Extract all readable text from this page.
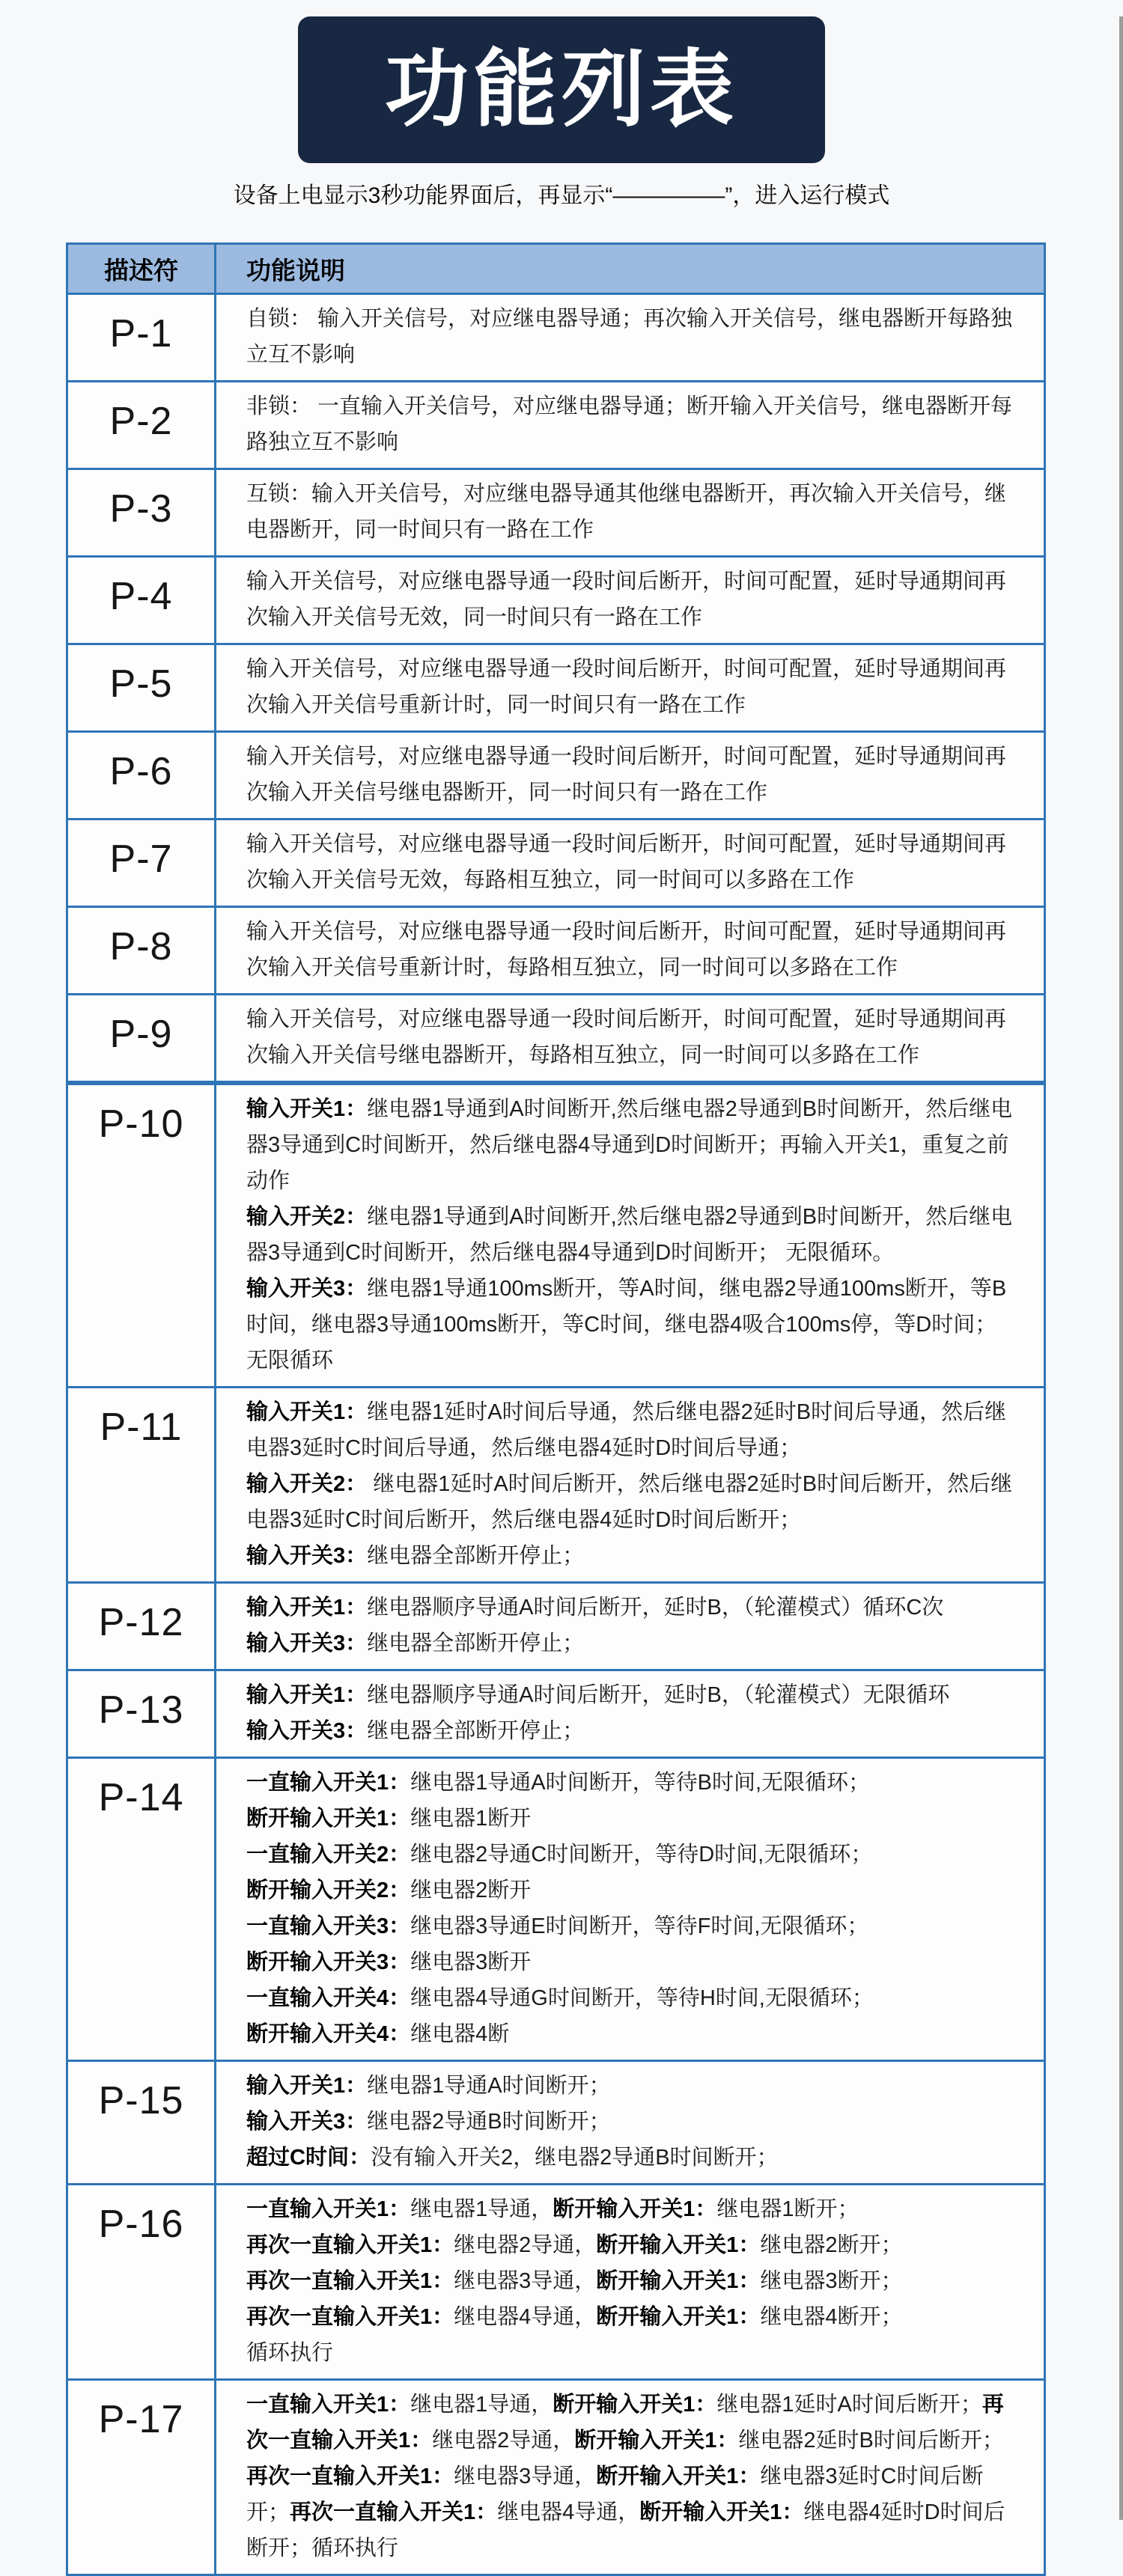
功能列表
设备上电显示3秒功能界面后，再显示“—————”，进入运行模式
描述符	功能说明
P-1	自锁： 输入开关信号，对应继电器导通；再次输入开关信号，继电器断开每路独立互不影响

P-2	非锁： 一直输入开关信号，对应继电器导通；断开输入开关信号，继电器断开每路独立互不影响

P-3	互锁：输入开关信号，对应继电器导通其他继电器断开，再次输入开关信号，继电器断开，同一时间只有一路在工作

P-4	输入开关信号，对应继电器导通一段时间后断开，时间可配置，延时导通期间再次输入开关信号无效，同一时间只有一路在工作

P-5	输入开关信号，对应继电器导通一段时间后断开，时间可配置，延时导通期间再次输入开关信号重新计时，同一时间只有一路在工作

P-6	输入开关信号，对应继电器导通一段时间后断开，时间可配置，延时导通期间再次输入开关信号继电器断开，同一时间只有一路在工作

P-7	输入开关信号，对应继电器导通一段时间后断开，时间可配置，延时导通期间再次输入开关信号无效，每路相互独立，同一时间可以多路在工作

P-8	输入开关信号，对应继电器导通一段时间后断开，时间可配置，延时导通期间再次输入开关信号重新计时，每路相互独立，同一时间可以多路在工作

P-9	输入开关信号，对应继电器导通一段时间后断开，时间可配置，延时导通期间再次输入开关信号继电器断开，每路相互独立，同一时间可以多路在工作

P-10	输入开关1：继电器1导通到A时间断开,然后继电器2导通到B时间断开，然后继电器3导通到C时间断开，然后继电器4导通到D时间断开；再输入开关1，重复之前动作

输入开关2：继电器1导通到A时间断开,然后继电器2导通到B时间断开，然后继电器3导通到C时间断开，然后继电器4导通到D时间断开； 无限循环。

输入开关3：继电器1导通100ms断开，等A时间，继电器2导通100ms断开，等B时间，继电器3导通100ms断开，等C时间，继电器4吸合100ms停，等D时间；无限循环

P-11	输入开关1：继电器1延时A时间后导通，然后继电器2延时B时间后导通，然后继电器3延时C时间后导通，然后继电器4延时D时间后导通；

输入开关2： 继电器1延时A时间后断开，然后继电器2延时B时间后断开，然后继电器3延时C时间后断开，然后继电器4延时D时间后断开；

输入开关3：继电器全部断开停止；

P-12	输入开关1：继电器顺序导通A时间后断开，延时B，（轮灌模式）循环C次

输入开关3：继电器全部断开停止；

P-13	输入开关1：继电器顺序导通A时间后断开，延时B，（轮灌模式）无限循环

输入开关3：继电器全部断开停止；

P-14	一直输入开关1：继电器1导通A时间断开，等待B时间,无限循环；

断开输入开关1：继电器1断开

一直输入开关2：继电器2导通C时间断开，等待D时间,无限循环；

断开输入开关2：继电器2断开

一直输入开关3：继电器3导通E时间断开，等待F时间,无限循环；

断开输入开关3：继电器3断开

一直输入开关4：继电器4导通G时间断开，等待H时间,无限循环；

断开输入开关4：继电器4断

P-15	输入开关1：继电器1导通A时间断开；

输入开关3：继电器2导通B时间断开；

超过C时间：没有输入开关2，继电器2导通B时间断开；

P-16	一直输入开关1：继电器1导通，断开输入开关1：继电器1断开；

再次一直输入开关1：继电器2导通，断开输入开关1：继电器2断开；

再次一直输入开关1：继电器3导通，断开输入开关1：继电器3断开；

再次一直输入开关1：继电器4导通，断开输入开关1：继电器4断开；

循环执行

P-17	一直输入开关1：继电器1导通，断开输入开关1：继电器1延时A时间后断开；再次一直输入开关1：继电器2导通，断开输入开关1：继电器2延时B时间后断开；再次一直输入开关1：继电器3导通，断开输入开关1：继电器3延时C时间后断开；再次一直输入开关1：继电器4导通，断开输入开关1：继电器4延时D时间后断开；循环执行
